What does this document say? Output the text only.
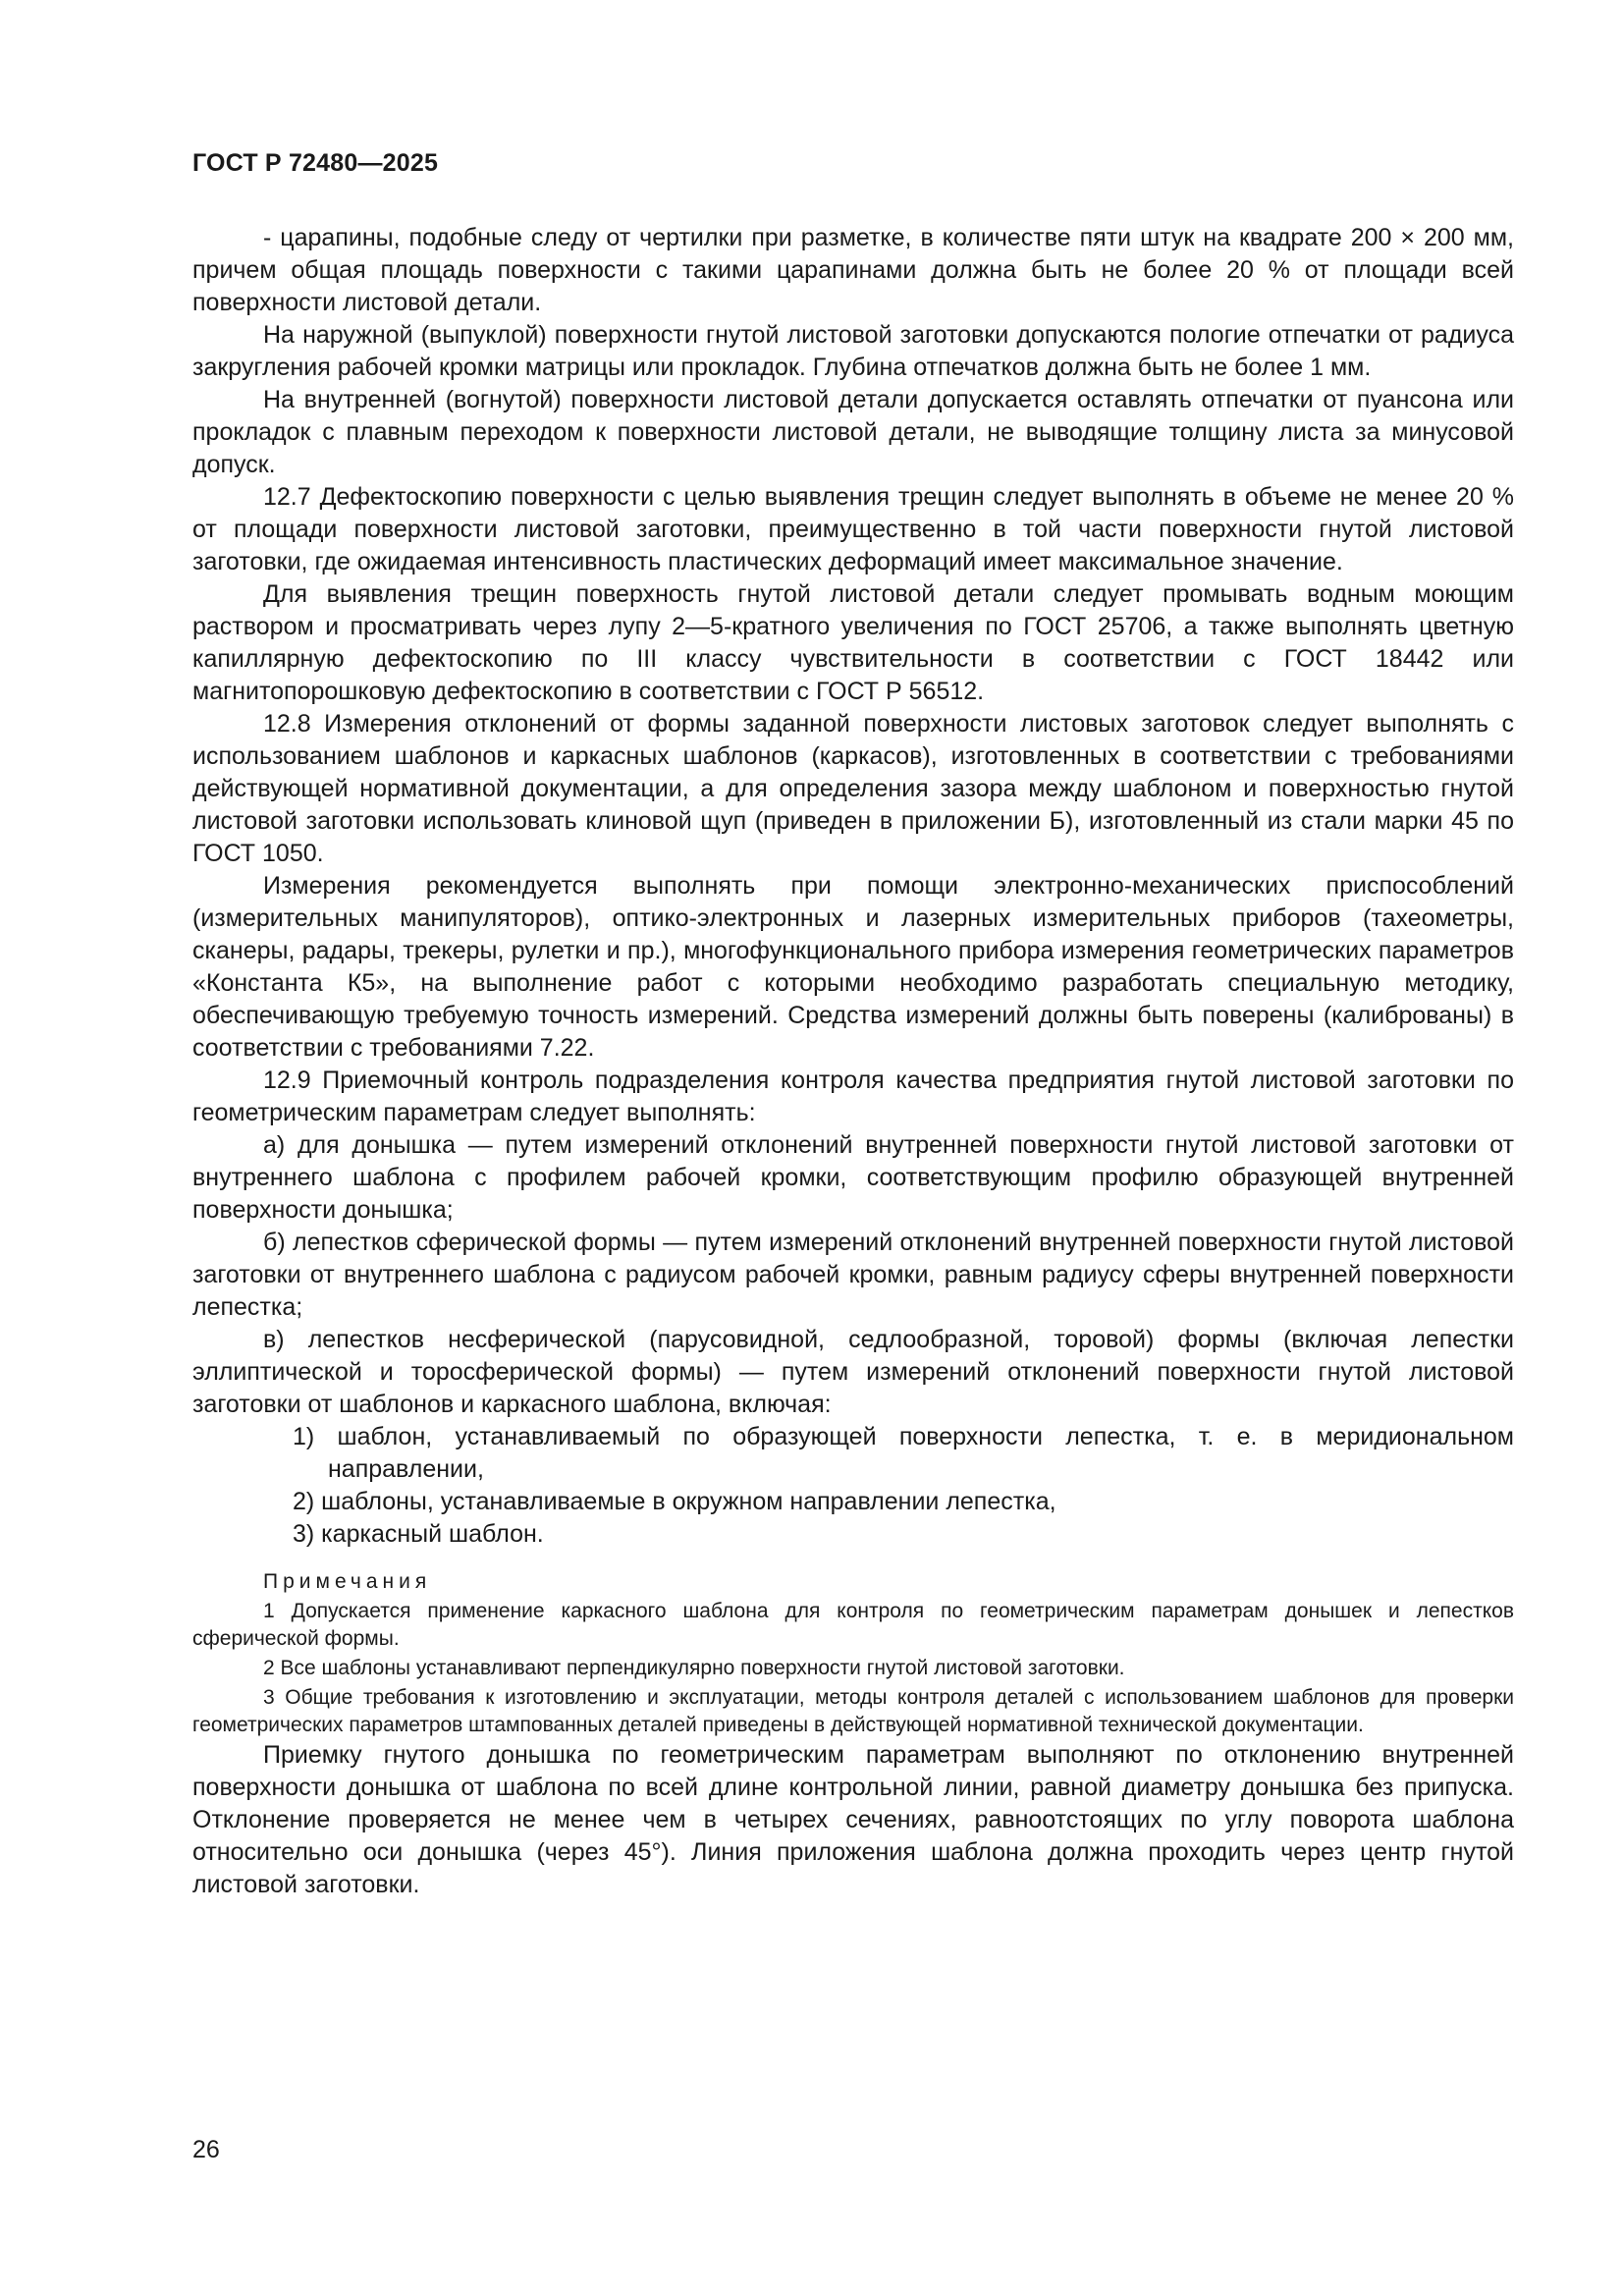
ГОСТ Р 72480—2025

- царапины, подобные следу от чертилки при разметке, в количестве пяти штук на квадрате 200 × 200 мм, причем общая площадь поверхности с такими царапинами должна быть не более 20 % от площади всей поверхности листовой детали.

На наружной (выпуклой) поверхности гнутой листовой заготовки допускаются пологие отпечатки от радиуса закругления рабочей кромки матрицы или прокладок. Глубина отпечатков должна быть не более 1 мм.

На внутренней (вогнутой) поверхности листовой детали допускается оставлять отпечатки от пуансона или прокладок с плавным переходом к поверхности листовой детали, не выводящие толщину листа за минусовой допуск.

12.7 Дефектоскопию поверхности с целью выявления трещин следует выполнять в объеме не менее 20 % от площади поверхности листовой заготовки, преимущественно в той части поверхности гнутой листовой заготовки, где ожидаемая интенсивность пластических деформаций имеет максимальное значение.

Для выявления трещин поверхность гнутой листовой детали следует промывать водным моющим раствором и просматривать через лупу 2—5-кратного увеличения по ГОСТ 25706, а также выполнять цветную капиллярную дефектоскопию по III классу чувствительности в соответствии с ГОСТ 18442 или магнитопорошковую дефектоскопию в соответствии с ГОСТ Р 56512.

12.8 Измерения отклонений от формы заданной поверхности листовых заготовок следует выполнять с использованием шаблонов и каркасных шаблонов (каркасов), изготовленных в соответствии с требованиями действующей нормативной документации, а для определения зазора между шаблоном и поверхностью гнутой листовой заготовки использовать клиновой щуп (приведен в приложении Б), изготовленный из стали марки 45 по ГОСТ 1050.

Измерения рекомендуется выполнять при помощи электронно-механических приспособлений (измерительных манипуляторов), оптико-электронных и лазерных измерительных приборов (тахеометры, сканеры, радары, трекеры, рулетки и пр.), многофункционального прибора измерения геометрических параметров «Константа К5», на выполнение работ с которыми необходимо разработать специальную методику, обеспечивающую требуемую точность измерений. Средства измерений должны быть поверены (калиброваны) в соответствии с требованиями 7.22.

12.9 Приемочный контроль подразделения контроля качества предприятия гнутой листовой заготовки по геометрическим параметрам следует выполнять:

а) для донышка — путем измерений отклонений внутренней поверхности гнутой листовой заготовки от внутреннего шаблона с профилем рабочей кромки, соответствующим профилю образующей внутренней поверхности донышка;

б) лепестков сферической формы — путем измерений отклонений внутренней поверхности гнутой листовой заготовки от внутреннего шаблона с радиусом рабочей кромки, равным радиусу сферы внутренней поверхности лепестка;

в) лепестков несферической (парусовидной, седлообразной, торовой) формы (включая лепестки эллиптической и торосферической формы) — путем измерений отклонений поверхности гнутой листовой заготовки от шаблонов и каркасного шаблона, включая:

1) шаблон, устанавливаемый по образующей поверхности лепестка, т. е. в меридиональном направлении,

2) шаблоны, устанавливаемые в окружном направлении лепестка,

3) каркасный шаблон.

Примечания

1 Допускается применение каркасного шаблона для контроля по геометрическим параметрам донышек и лепестков сферической формы.

2 Все шаблоны устанавливают перпендикулярно поверхности гнутой листовой заготовки.

3 Общие требования к изготовлению и эксплуатации, методы контроля деталей с использованием шаблонов для проверки геометрических параметров штампованных деталей приведены в действующей нормативной технической документации.

Приемку гнутого донышка по геометрическим параметрам выполняют по отклонению внутренней поверхности донышка от шаблона по всей длине контрольной линии, равной диаметру донышка без припуска. Отклонение проверяется не менее чем в четырех сечениях, равноотстоящих по углу поворота шаблона относительно оси донышка (через 45°). Линия приложения шаблона должна проходить через центр гнутой листовой заготовки.

26
